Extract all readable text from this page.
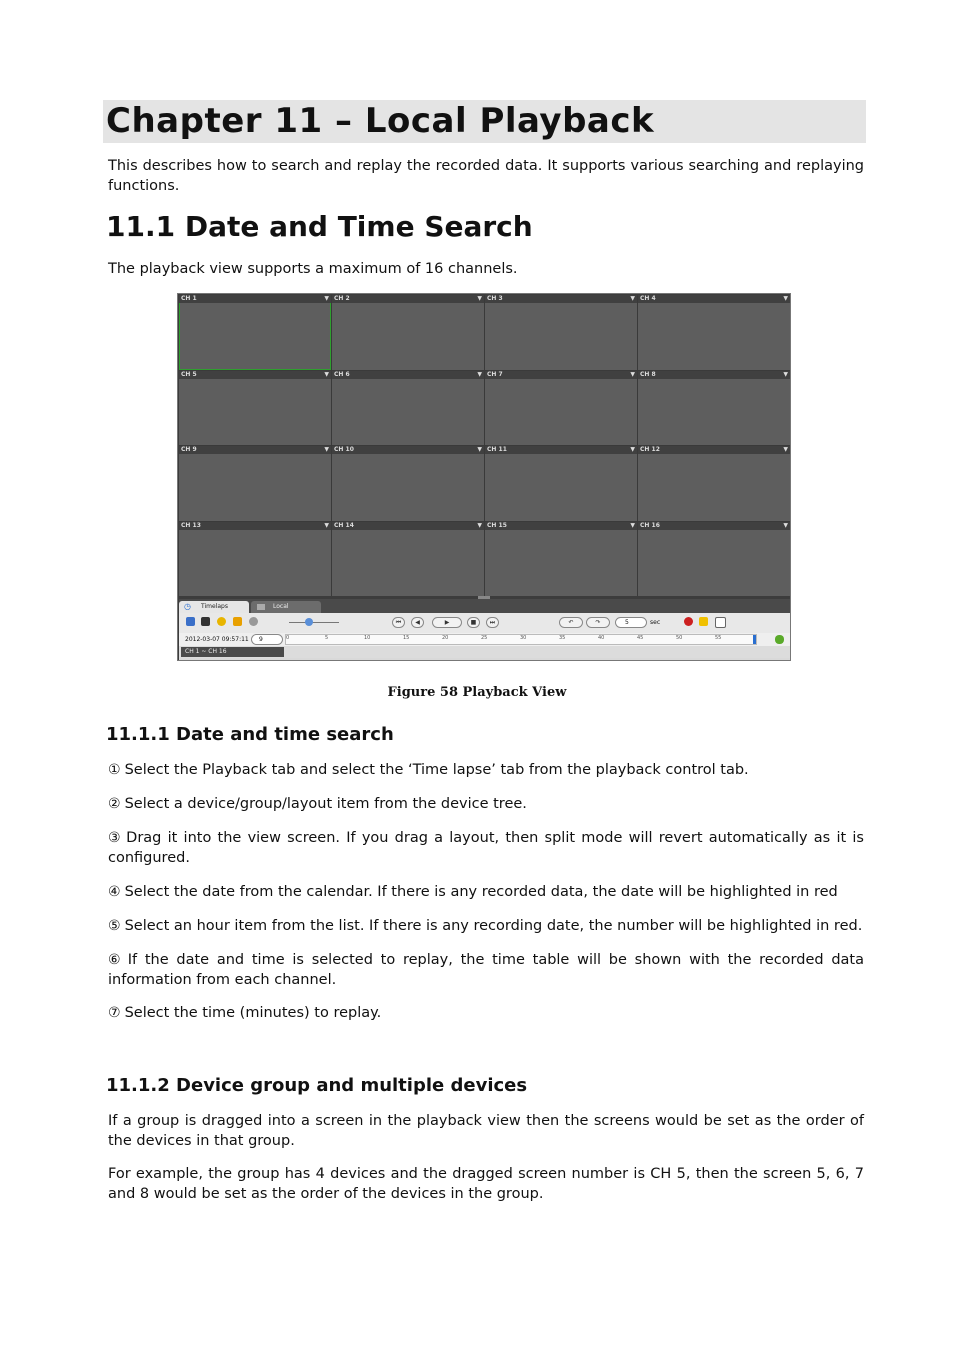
Chapter 11 – Local Playback

This describes how to search and replay the recorded data. It supports various searching and replaying functions.

11.1 Date and Time Search

The playback view supports a maximum of 16 channels.

CH 1	▼ CH 2	▼ CH 3	▼ CH 4	▼
CH 5	▼ CH 6	▼ CH 7	▼ CH 8	▼
CH 9	▼ CH 10	▼ CH 11	▼ CH 12	▼
CH 13	▼ CH 14	▼ CH 15	▼ CH 16	▼
◷ Timelaps	Local
⏮	◀	▶	■	⏭	↶	↷	5	sec
2012-03-07 09:57:11	9	0	5	10	15	20	25	30	35	40	45	50	55
CH 1 ~ CH 16
Figure 58 Playback View
11.1.1 Date and time search

① Select the Playback tab and select the ‘Time lapse’ tab from the playback control tab.

② Select a device/group/layout item from the device tree.

③ Drag it into the view screen. If you drag a layout, then split mode will revert automatically as it is configured.

④ Select the date from the calendar. If there is any recorded data, the date will be highlighted in red

⑤ Select an hour item from the list. If there is any recording date, the number will be highlighted in red.

⑥ If the date and time is selected to replay, the time table will be shown with the recorded data information from each channel.

⑦ Select the time (minutes) to replay.

11.1.2 Device group and multiple devices

If a group is dragged into a screen in the playback view then the screens would be set as the order of the devices in that group.

For example, the group has 4 devices and the dragged screen number is CH 5, then the screen 5, 6, 7 and 8 would be set as the order of the devices in the group.
